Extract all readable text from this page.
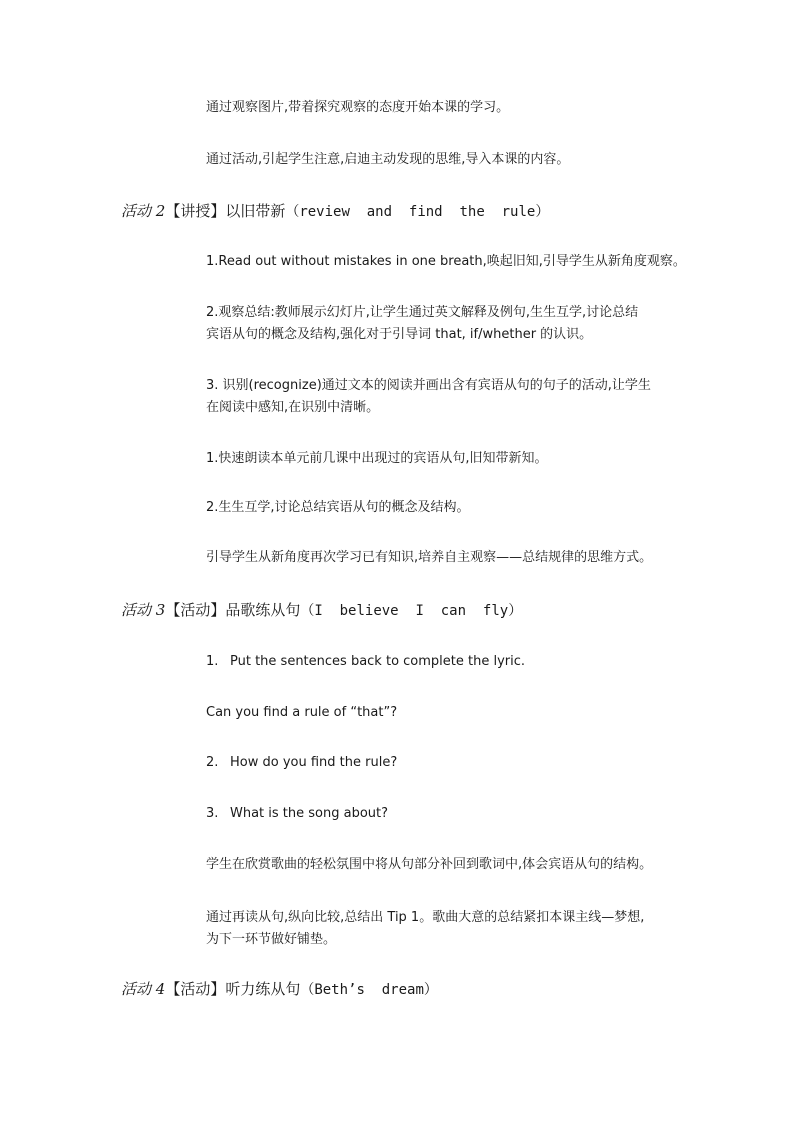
通过观察图片,带着探究观察的态度开始本课的学习。
通过活动,引起学生注意,启迪主动发现的思维,导入本课的内容。
活动 2【讲授】以旧带新（review  and  find  the  rule）
1.Read out without mistakes in one breath,唤起旧知,引导学生从新角度观察。
2.观察总结:教师展示幻灯片,让学生通过英文解释及例句,生生互学,讨论总结
宾语从句的概念及结构,强化对于引导词 that, if/whether 的认识。
3. 识别(recognize)通过文本的阅读并画出含有宾语从句的句子的活动,让学生
在阅读中感知,在识别中清晰。
1.快速朗读本单元前几课中出现过的宾语从句,旧知带新知。
2.生生互学,讨论总结宾语从句的概念及结构。
引导学生从新角度再次学习已有知识,培养自主观察——总结规律的思维方式。
活动 3【活动】品歌练从句（I  believe  I  can  fly）
1. Put the sentences back to complete the lyric.
Can you find a rule of “that”?
2. How do you find the rule?
3. What is the song about?
学生在欣赏歌曲的轻松氛围中将从句部分补回到歌词中,体会宾语从句的结构。
通过再读从句,纵向比较,总结出 Tip 1。歌曲大意的总结紧扣本课主线—梦想,
为下一环节做好铺垫。
活动 4【活动】听力练从句（Beth’s  dream）
